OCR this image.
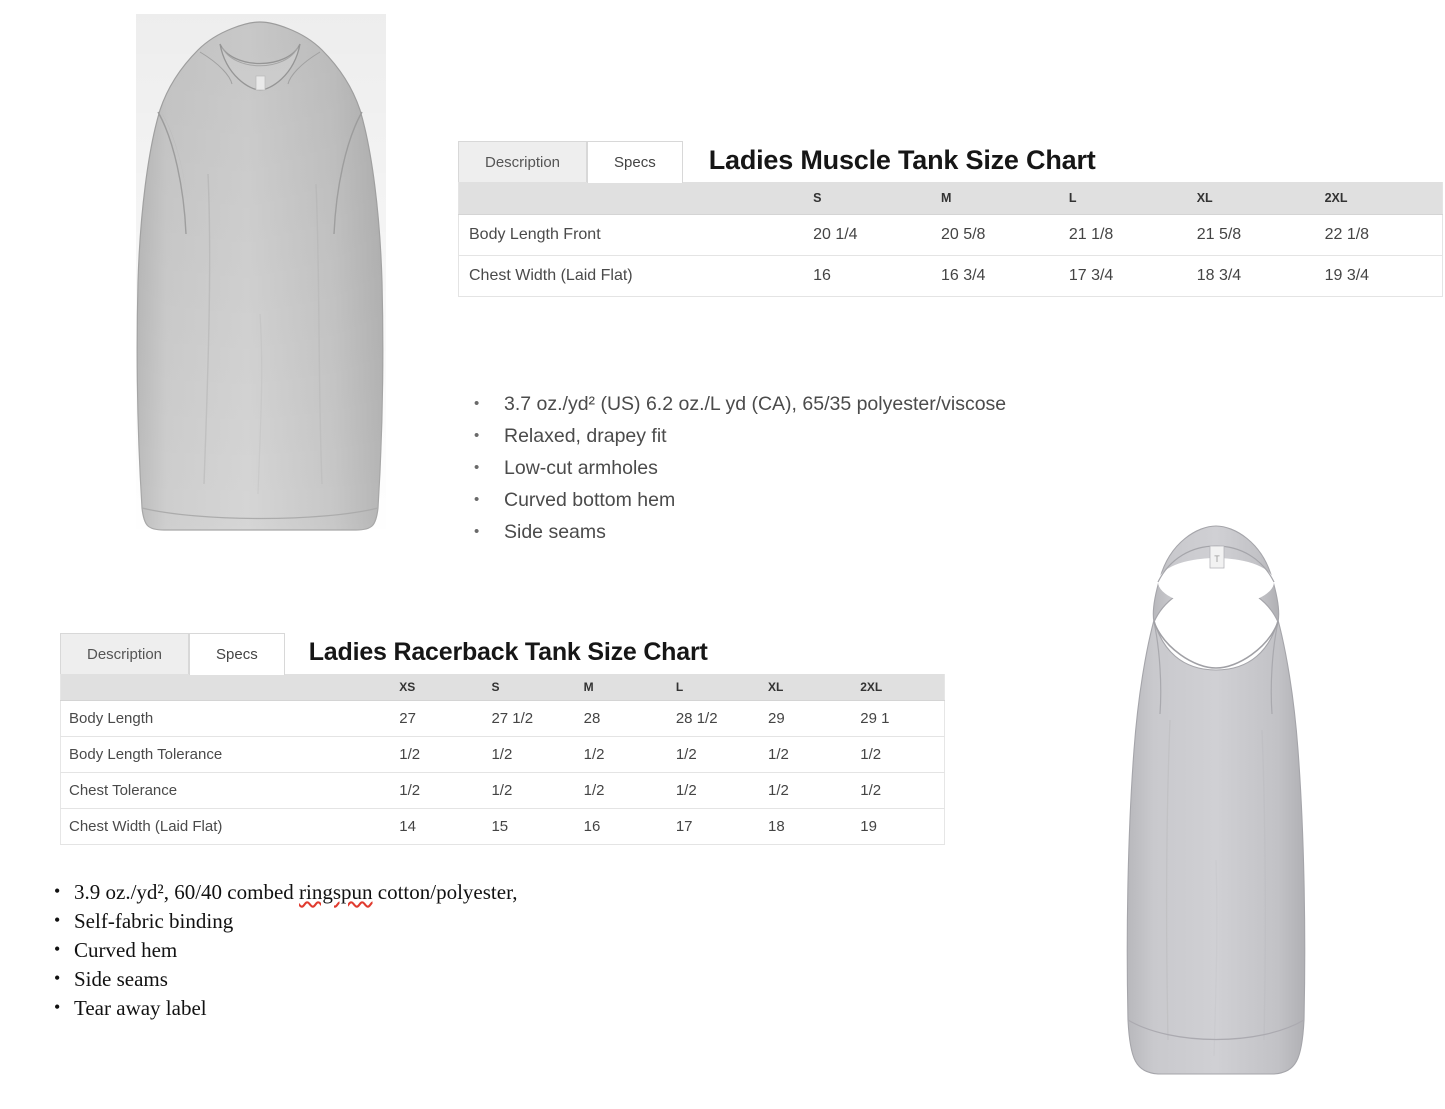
T
Description	Specs	Ladies Muscle Tank Size Chart
	S	M	L	XL	2XL
Body Length Front	20 1/4	20 5/8	21 1/8	21 5/8	22 1/8
Chest Width (Laid Flat)	16	16 3/4	17 3/4	18 3/4	19 3/4
• 3.7 oz./yd² (US) 6.2 oz./L yd (CA), 65/35 polyester/viscose
• Relaxed, drapey fit
• Low-cut armholes
• Curved bottom hem
• Side seams
Description	Specs	Ladies Racerback Tank Size Chart
	XS	S	M	L	XL	2XL
Body Length	27	27 1/2	28	28 1/2	29	29 1
Body Length Tolerance	1/2	1/2	1/2	1/2	1/2	1/2
Chest Tolerance	1/2	1/2	1/2	1/2	1/2	1/2
Chest Width (Laid Flat)	14	15	16	17	18	19
• 3.9 oz./yd², 60/40 combed ringspun cotton/polyester,
• Self-fabric binding
• Curved hem
• Side seams
• Tear away label
